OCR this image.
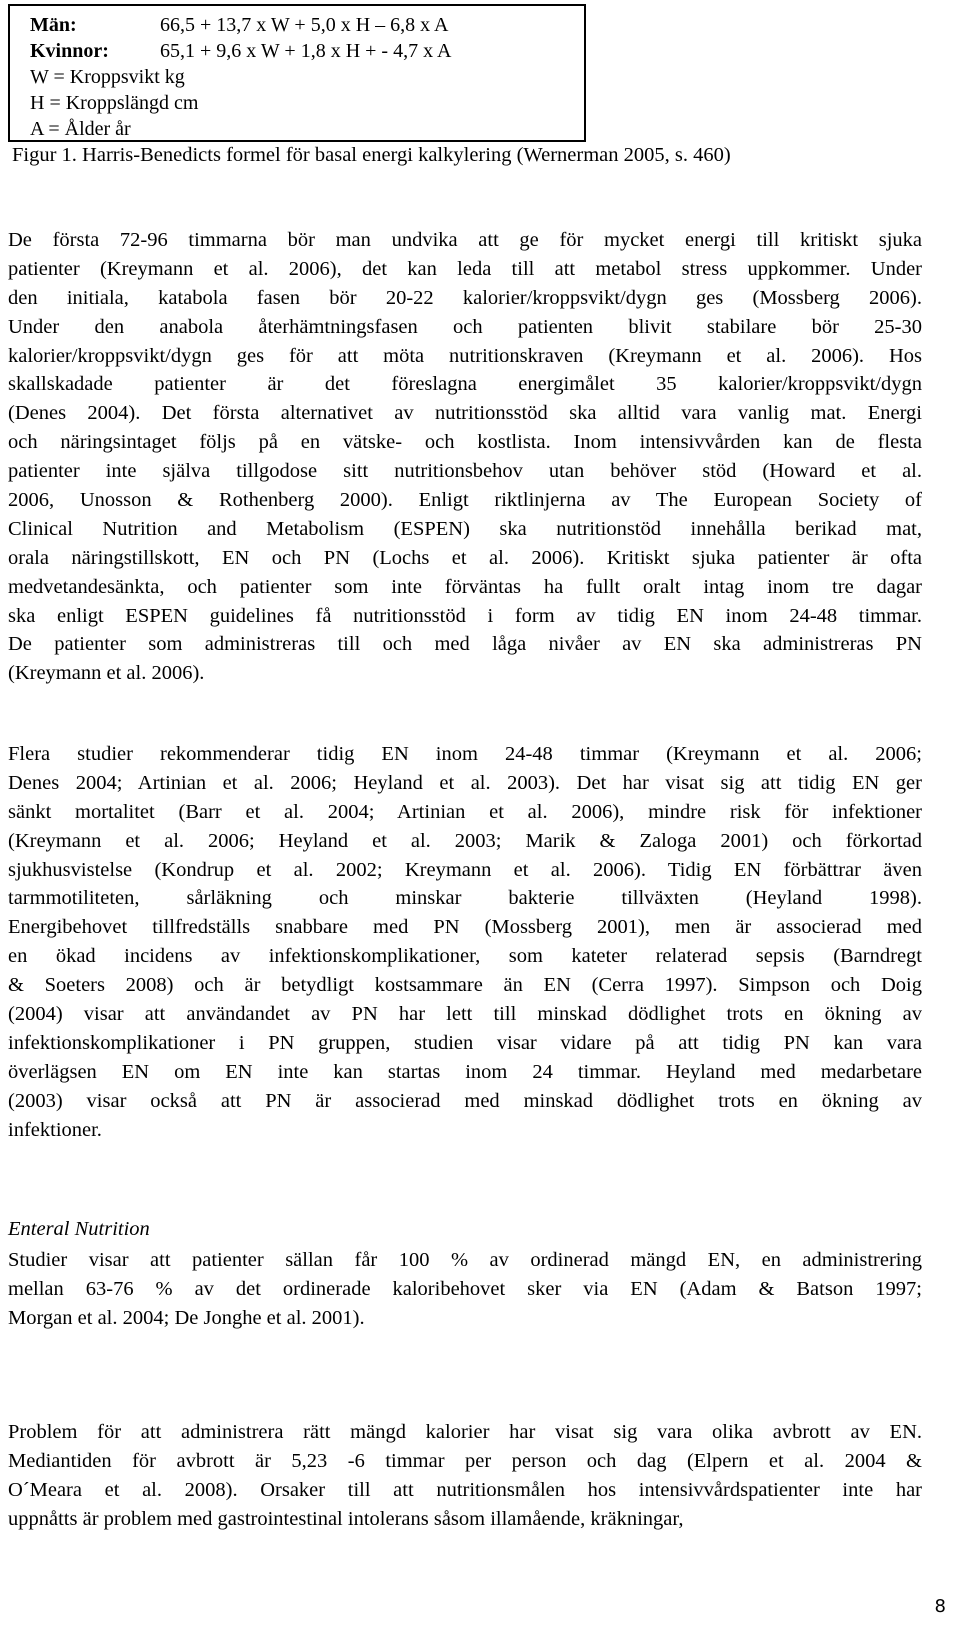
Män:	66,5 + 13,7 x W + 5,0 x H – 6,8 x A
Kvinnor:	65,1 + 9,6 x W + 1,8 x H + - 4,7 x A
W = Kroppsvikt kg
H = Kroppslängd cm
A = Ålder år
Figur 1. Harris-Benedicts formel för basal energi kalkylering (Wernerman 2005, s. 460)
De första 72-96 timmarna bör man undvika att ge för mycket energi till kritiskt sjuka
patienter (Kreymann et al. 2006), det kan leda till att metabol stress uppkommer. Under
den initiala, katabola fasen bör 20-22 kalorier/kroppsvikt/dygn ges (Mossberg 2006).
Under den anabola återhämtningsfasen och patienten blivit stabilare bör 25-30
kalorier/kroppsvikt/dygn ges för att möta nutritionskraven (Kreymann et al. 2006). Hos
skallskadade patienter är det föreslagna energimålet 35 kalorier/kroppsvikt/dygn
(Denes 2004). Det första alternativet av nutritionsstöd ska alltid vara vanlig mat. Energi
och näringsintaget följs på en vätske- och kostlista. Inom intensivvården kan de flesta
patienter inte själva tillgodose sitt nutritionsbehov utan behöver stöd (Howard et al.
2006, Unosson & Rothenberg 2000). Enligt riktlinjerna av The European Society of
Clinical Nutrition and Metabolism (ESPEN) ska nutritionstöd innehålla berikad mat,
orala näringstillskott, EN och PN (Lochs et al. 2006). Kritiskt sjuka patienter är ofta
medvetandesänkta, och patienter som inte förväntas ha fullt oralt intag inom tre dagar
ska enligt ESPEN guidelines få nutritionsstöd i form av tidig EN inom 24-48 timmar.
De patienter som administreras till och med låga nivåer av EN ska administreras PN
(Kreymann et al. 2006).
Flera studier rekommenderar tidig EN inom 24-48 timmar (Kreymann et al. 2006;
Denes 2004; Artinian et al. 2006; Heyland et al. 2003). Det har visat sig att tidig EN ger
sänkt mortalitet (Barr et al. 2004; Artinian et al. 2006), mindre risk för infektioner
(Kreymann et al. 2006; Heyland et al. 2003; Marik & Zaloga 2001) och förkortad
sjukhusvistelse (Kondrup et al. 2002; Kreymann et al. 2006). Tidig EN förbättrar även
tarmmotiliteten, sårläkning och minskar bakterie tillväxten (Heyland 1998).
Energibehovet tillfredställs snabbare med PN (Mossberg 2001), men är associerad med
en ökad incidens av infektionskomplikationer, som kateter relaterad sepsis (Barndregt
& Soeters 2008) och är betydligt kostsammare än EN (Cerra 1997). Simpson och Doig
(2004) visar att användandet av PN har lett till minskad dödlighet trots en ökning av
infektionskomplikationer i PN gruppen, studien visar vidare på att tidig PN kan vara
överlägsen EN om EN inte kan startas inom 24 timmar. Heyland med medarbetare
(2003) visar också att PN är associerad med minskad dödlighet trots en ökning av
infektioner.
Enteral Nutrition
Studier visar att patienter sällan får 100 % av ordinerad mängd EN, en administrering
mellan 63-76 % av det ordinerade kaloribehovet sker via EN (Adam & Batson 1997;
Morgan et al. 2004; De Jonghe et al. 2001).
Problem för att administrera rätt mängd kalorier har visat sig vara olika avbrott av EN.
Mediantiden för avbrott är 5,23 -6 timmar per person och dag (Elpern et al. 2004 &
O´Meara et al. 2008). Orsaker till att nutritionsmålen hos intensivvårdspatienter inte har
uppnåtts är problem med gastrointestinal intolerans såsom illamående, kräkningar,
8
